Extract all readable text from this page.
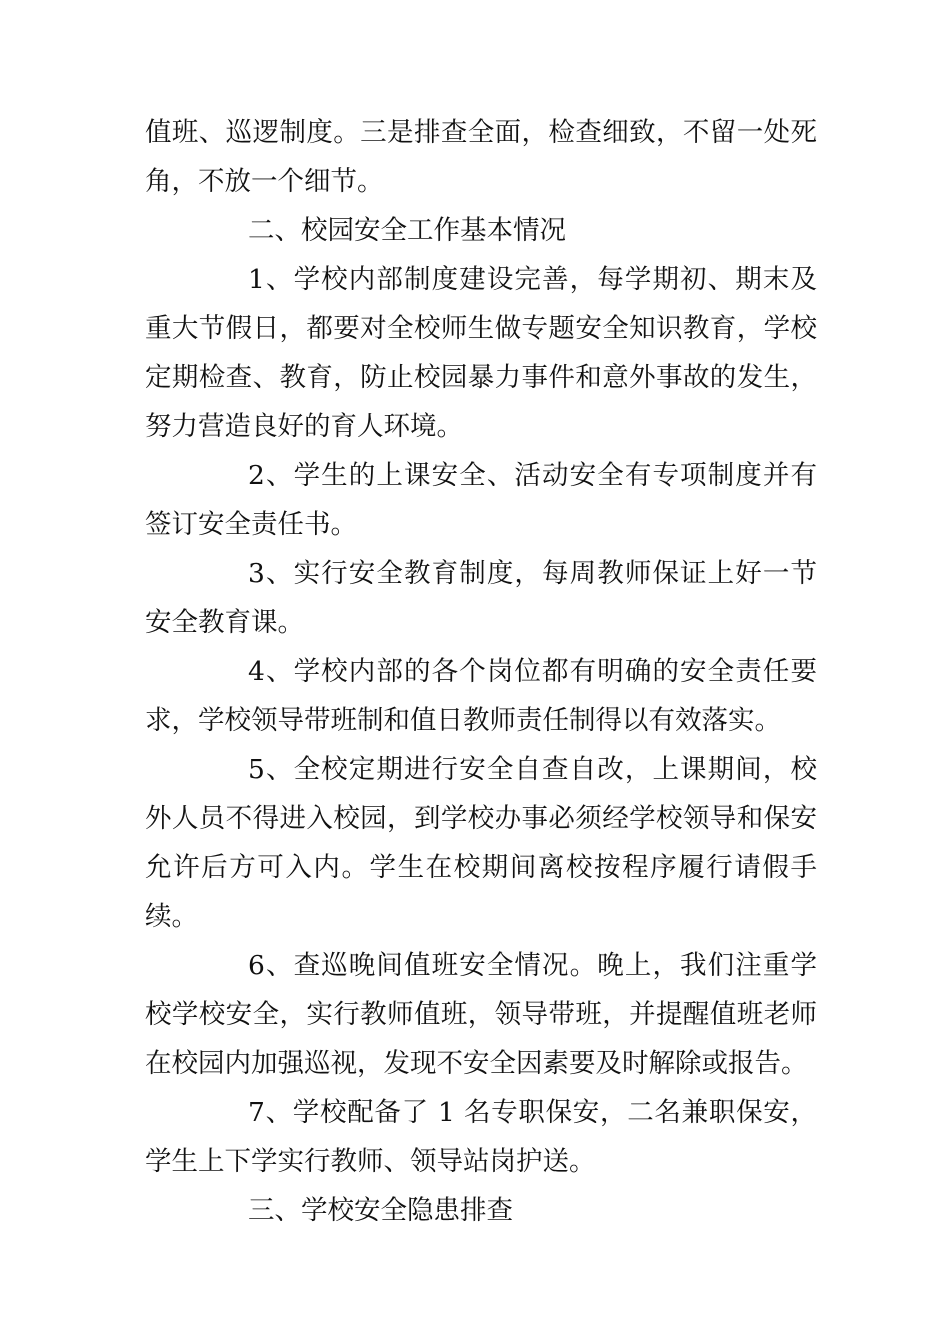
值班、巡逻制度。三是排查全面，检查细致，不留一处死角，不放一个细节。

二、校园安全工作基本情况

1、学校内部制度建设完善，每学期初、期末及重大节假日，都要对全校师生做专题安全知识教育，学校定期检查、教育，防止校园暴力事件和意外事故的发生，努力营造良好的育人环境。

2、学生的上课安全、活动安全有专项制度并有签订安全责任书。

3、实行安全教育制度，每周教师保证上好一节安全教育课。

4、学校内部的各个岗位都有明确的安全责任要求，学校领导带班制和值日教师责任制得以有效落实。

5、全校定期进行安全自查自改，上课期间，校外人员不得进入校园，到学校办事必须经学校领导和保安允许后方可入内。学生在校期间离校按程序履行请假手续。

6、查巡晚间值班安全情况。晚上，我们注重学校学校安全，实行教师值班，领导带班，并提醒值班老师在校园内加强巡视，发现不安全因素要及时解除或报告。

7、学校配备了 1 名专职保安，二名兼职保安，学生上下学实行教师、领导站岗护送。

三、学校安全隐患排查
